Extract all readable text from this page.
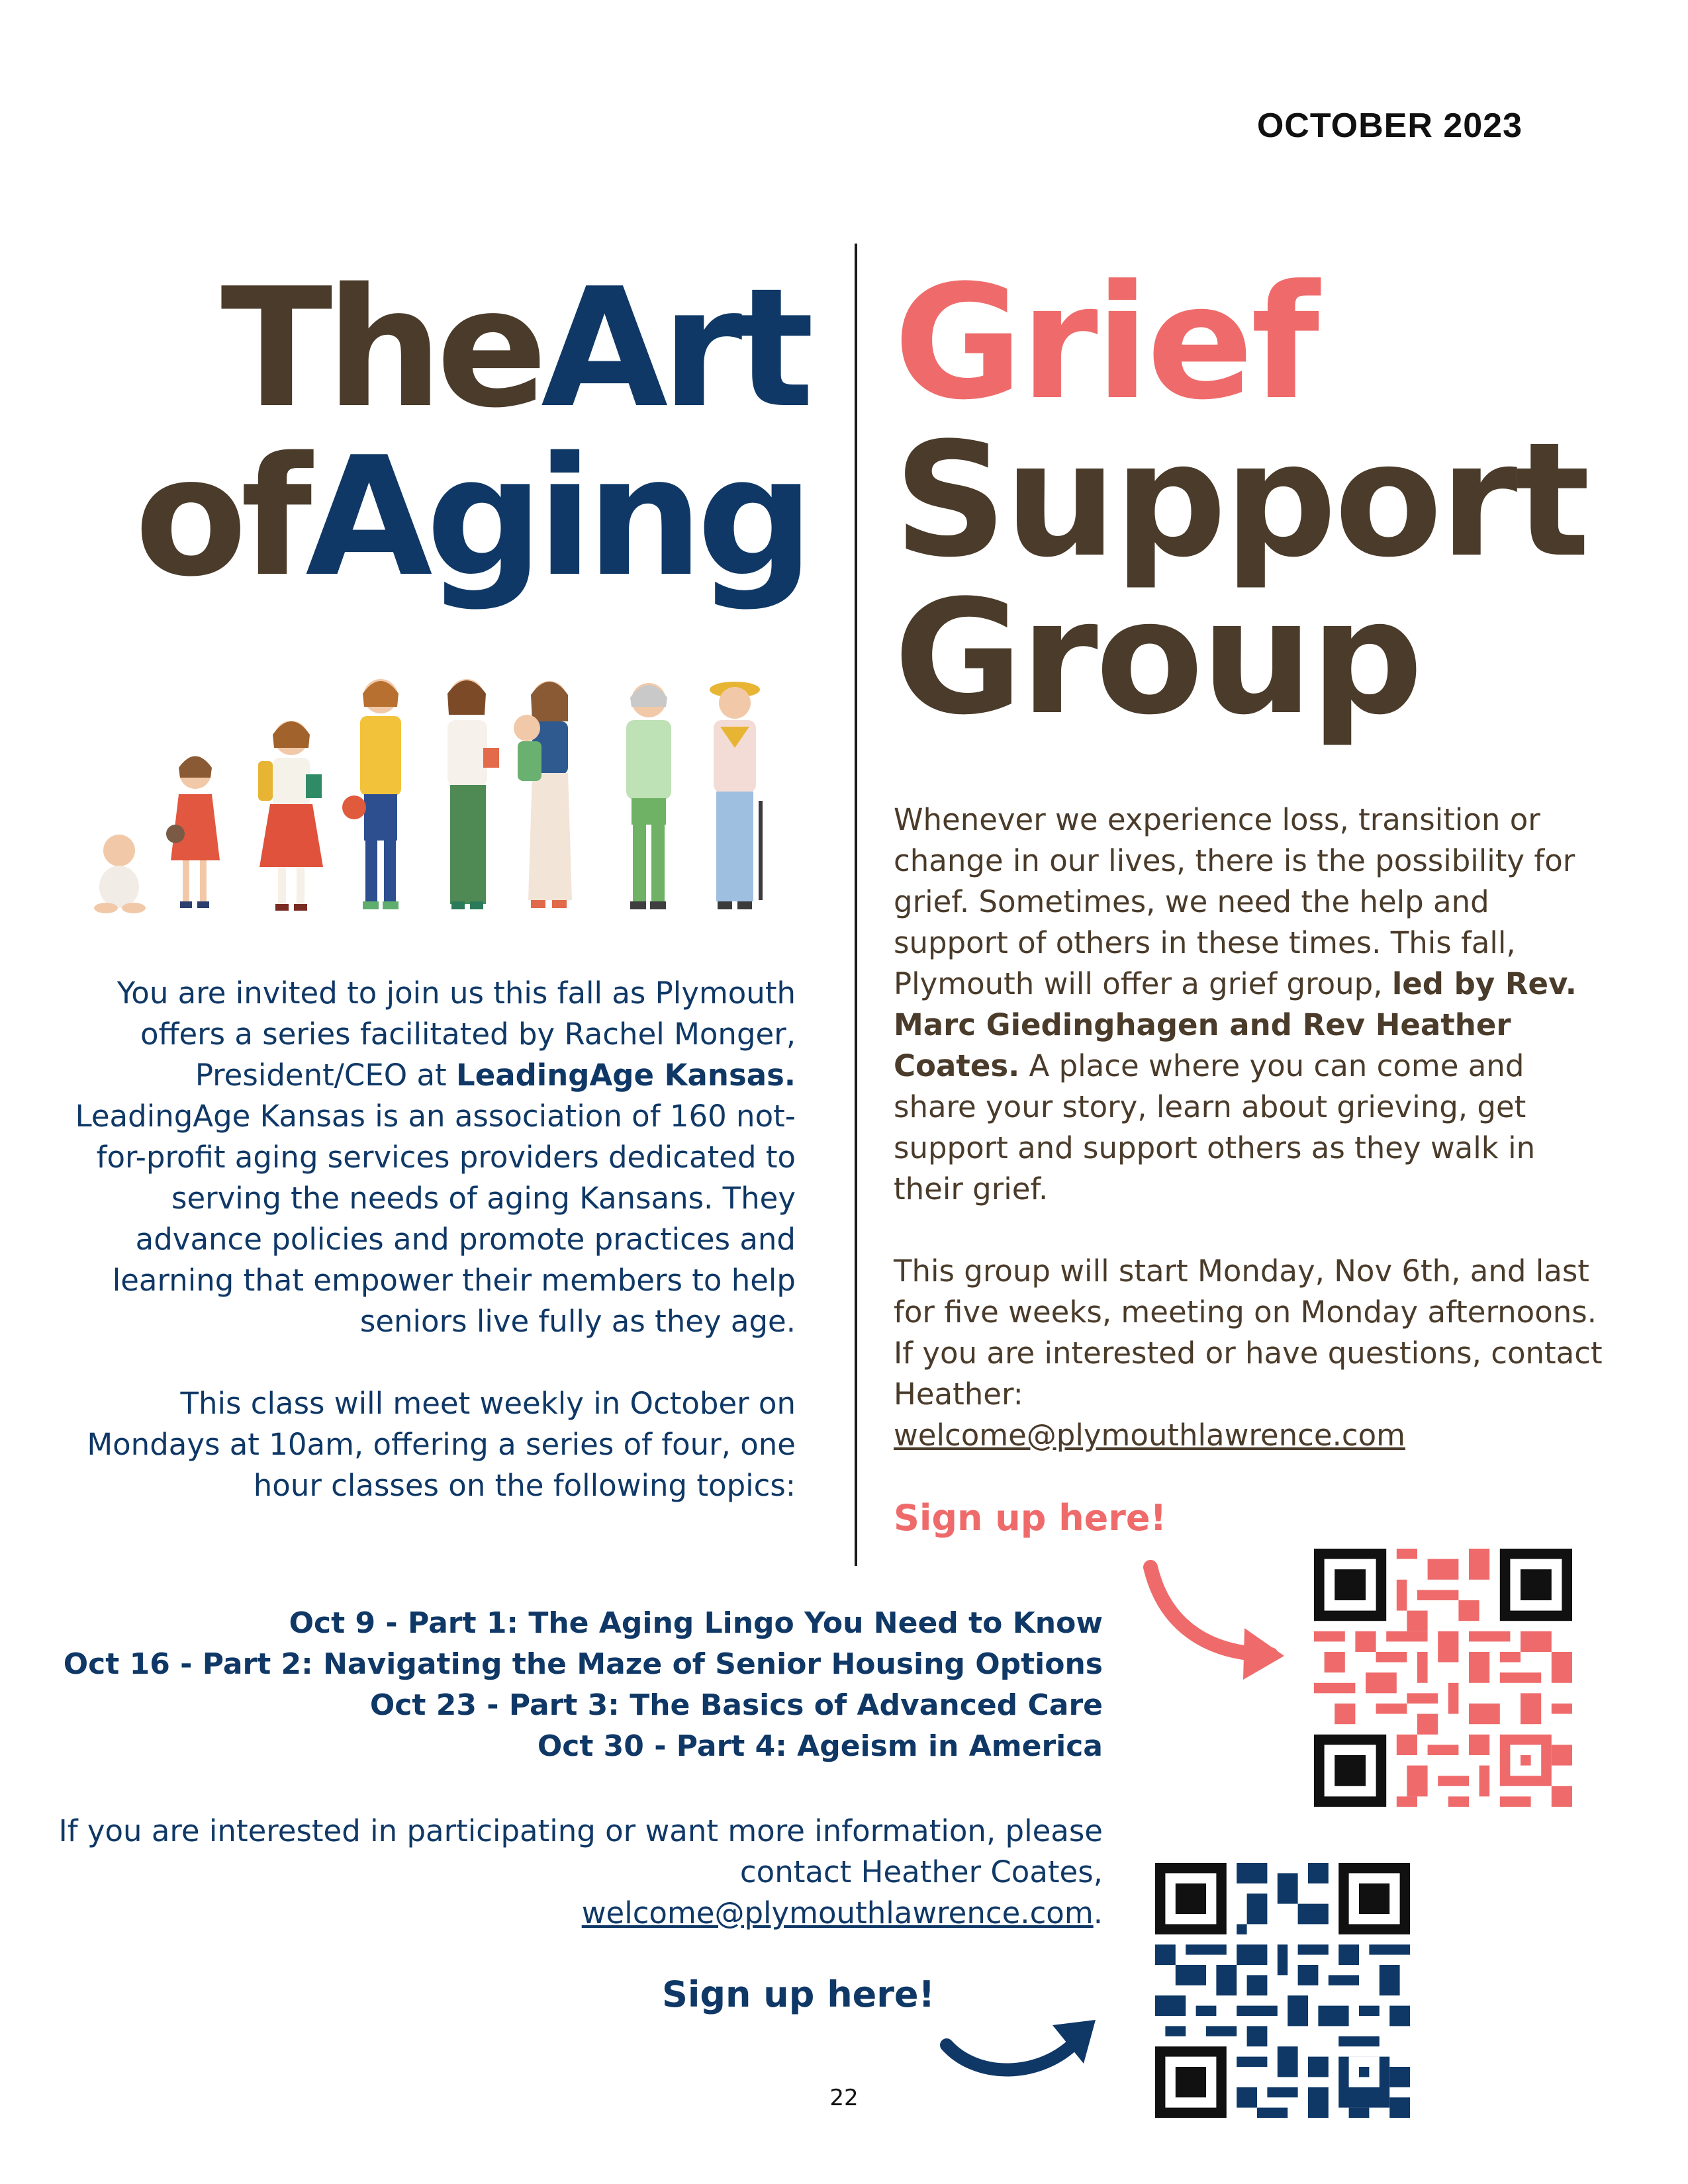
OCTOBER 2023
TheArt
ofAging
Grief
Support
Group

You are invited to join us this fall as Plymouth offers a series facilitated by Rachel Monger, President/CEO at LeadingAge Kansas. LeadingAge Kansas is an association of 160 not-for-profit aging services providers dedicated to serving the needs of aging Kansans. They advance policies and promote practices and learning that empower their members to help seniors live fully as they age.

This class will meet weekly in October on Mondays at 10am, offering a series of four, one hour classes on the following topics:

Whenever we experience loss, transition or change in our lives, there is the possibility for grief. Sometimes, we need the help and support of others in these times. This fall, Plymouth will offer a grief group, led by Rev. Marc Giedinghagen and Rev Heather Coates. A place where you can come and share your story, learn about grieving, get support and support others as they walk in their grief.

This group will start Monday, Nov 6th, and last for five weeks, meeting on Monday afternoons. If you are interested or have questions, contact Heather:
welcome@plymouthlawrence.com

Sign up here!
Oct 9 - Part 1: The Aging Lingo You Need to Know
Oct 16 - Part 2: Navigating the Maze of Senior Housing Options
Oct 23 - Part 3: The Basics of Advanced Care
Oct 30 - Part 4: Ageism in America
If you are interested in participating or want more information, please contact Heather Coates,
welcome@plymouthlawrence.com.
Sign up here!
22
